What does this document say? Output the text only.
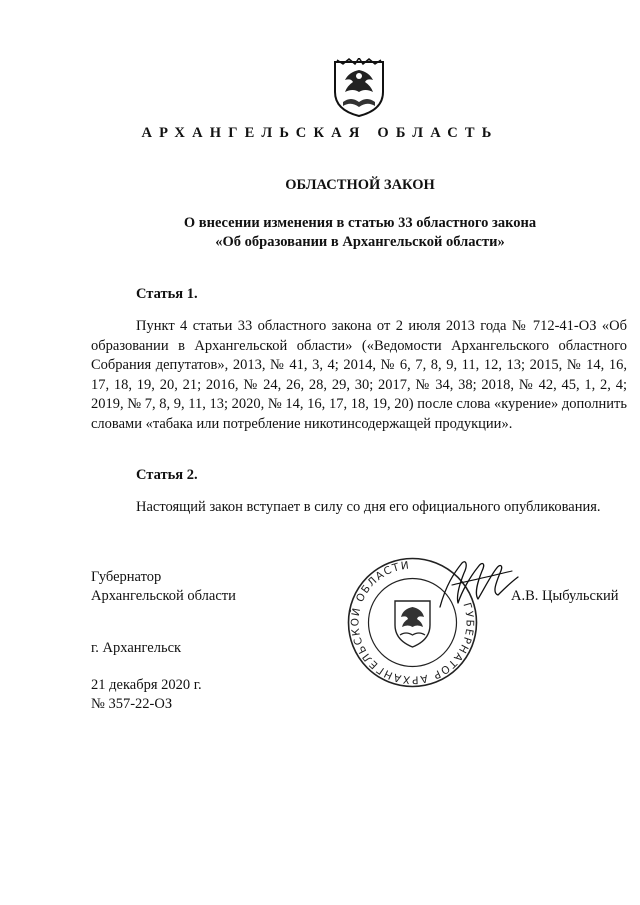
АРХАНГЕЛЬСКАЯ ОБЛАСТЬ
ОБЛАСТНОЙ ЗАКОН
О внесении изменения в статью 33 областного закона
«Об образовании в Архангельской области»
Статья 1.
Пункт 4 статьи 33 областного закона от 2 июля 2013 года № 712-41-ОЗ «Об образовании в Архангельской области» («Ведомости Архангельского областного Собрания депутатов», 2013, № 41, 3, 4; 2014, № 6, 7, 8, 9, 11, 12, 13; 2015, № 14, 16, 17, 18, 19, 20, 21; 2016, № 24, 26, 28, 29, 30; 2017, № 34, 38; 2018, № 42, 45, 1, 2, 4; 2019, № 7, 8, 9, 11, 13; 2020, № 14, 16, 17, 18, 19, 20) после слова «курение» дополнить словами «табака или потребление никотинсодержащей продукции».
Статья 2.
Настоящий закон вступает в силу со дня его официального опубликования.
Губернатор
Архангельской области	А.В. Цыбульский
ГУБЕРНАТОР АРХАНГЕЛЬСКОЙ ОБЛАСТИ
г. Архангельск
21 декабря 2020 г.
№ 357-22-ОЗ
